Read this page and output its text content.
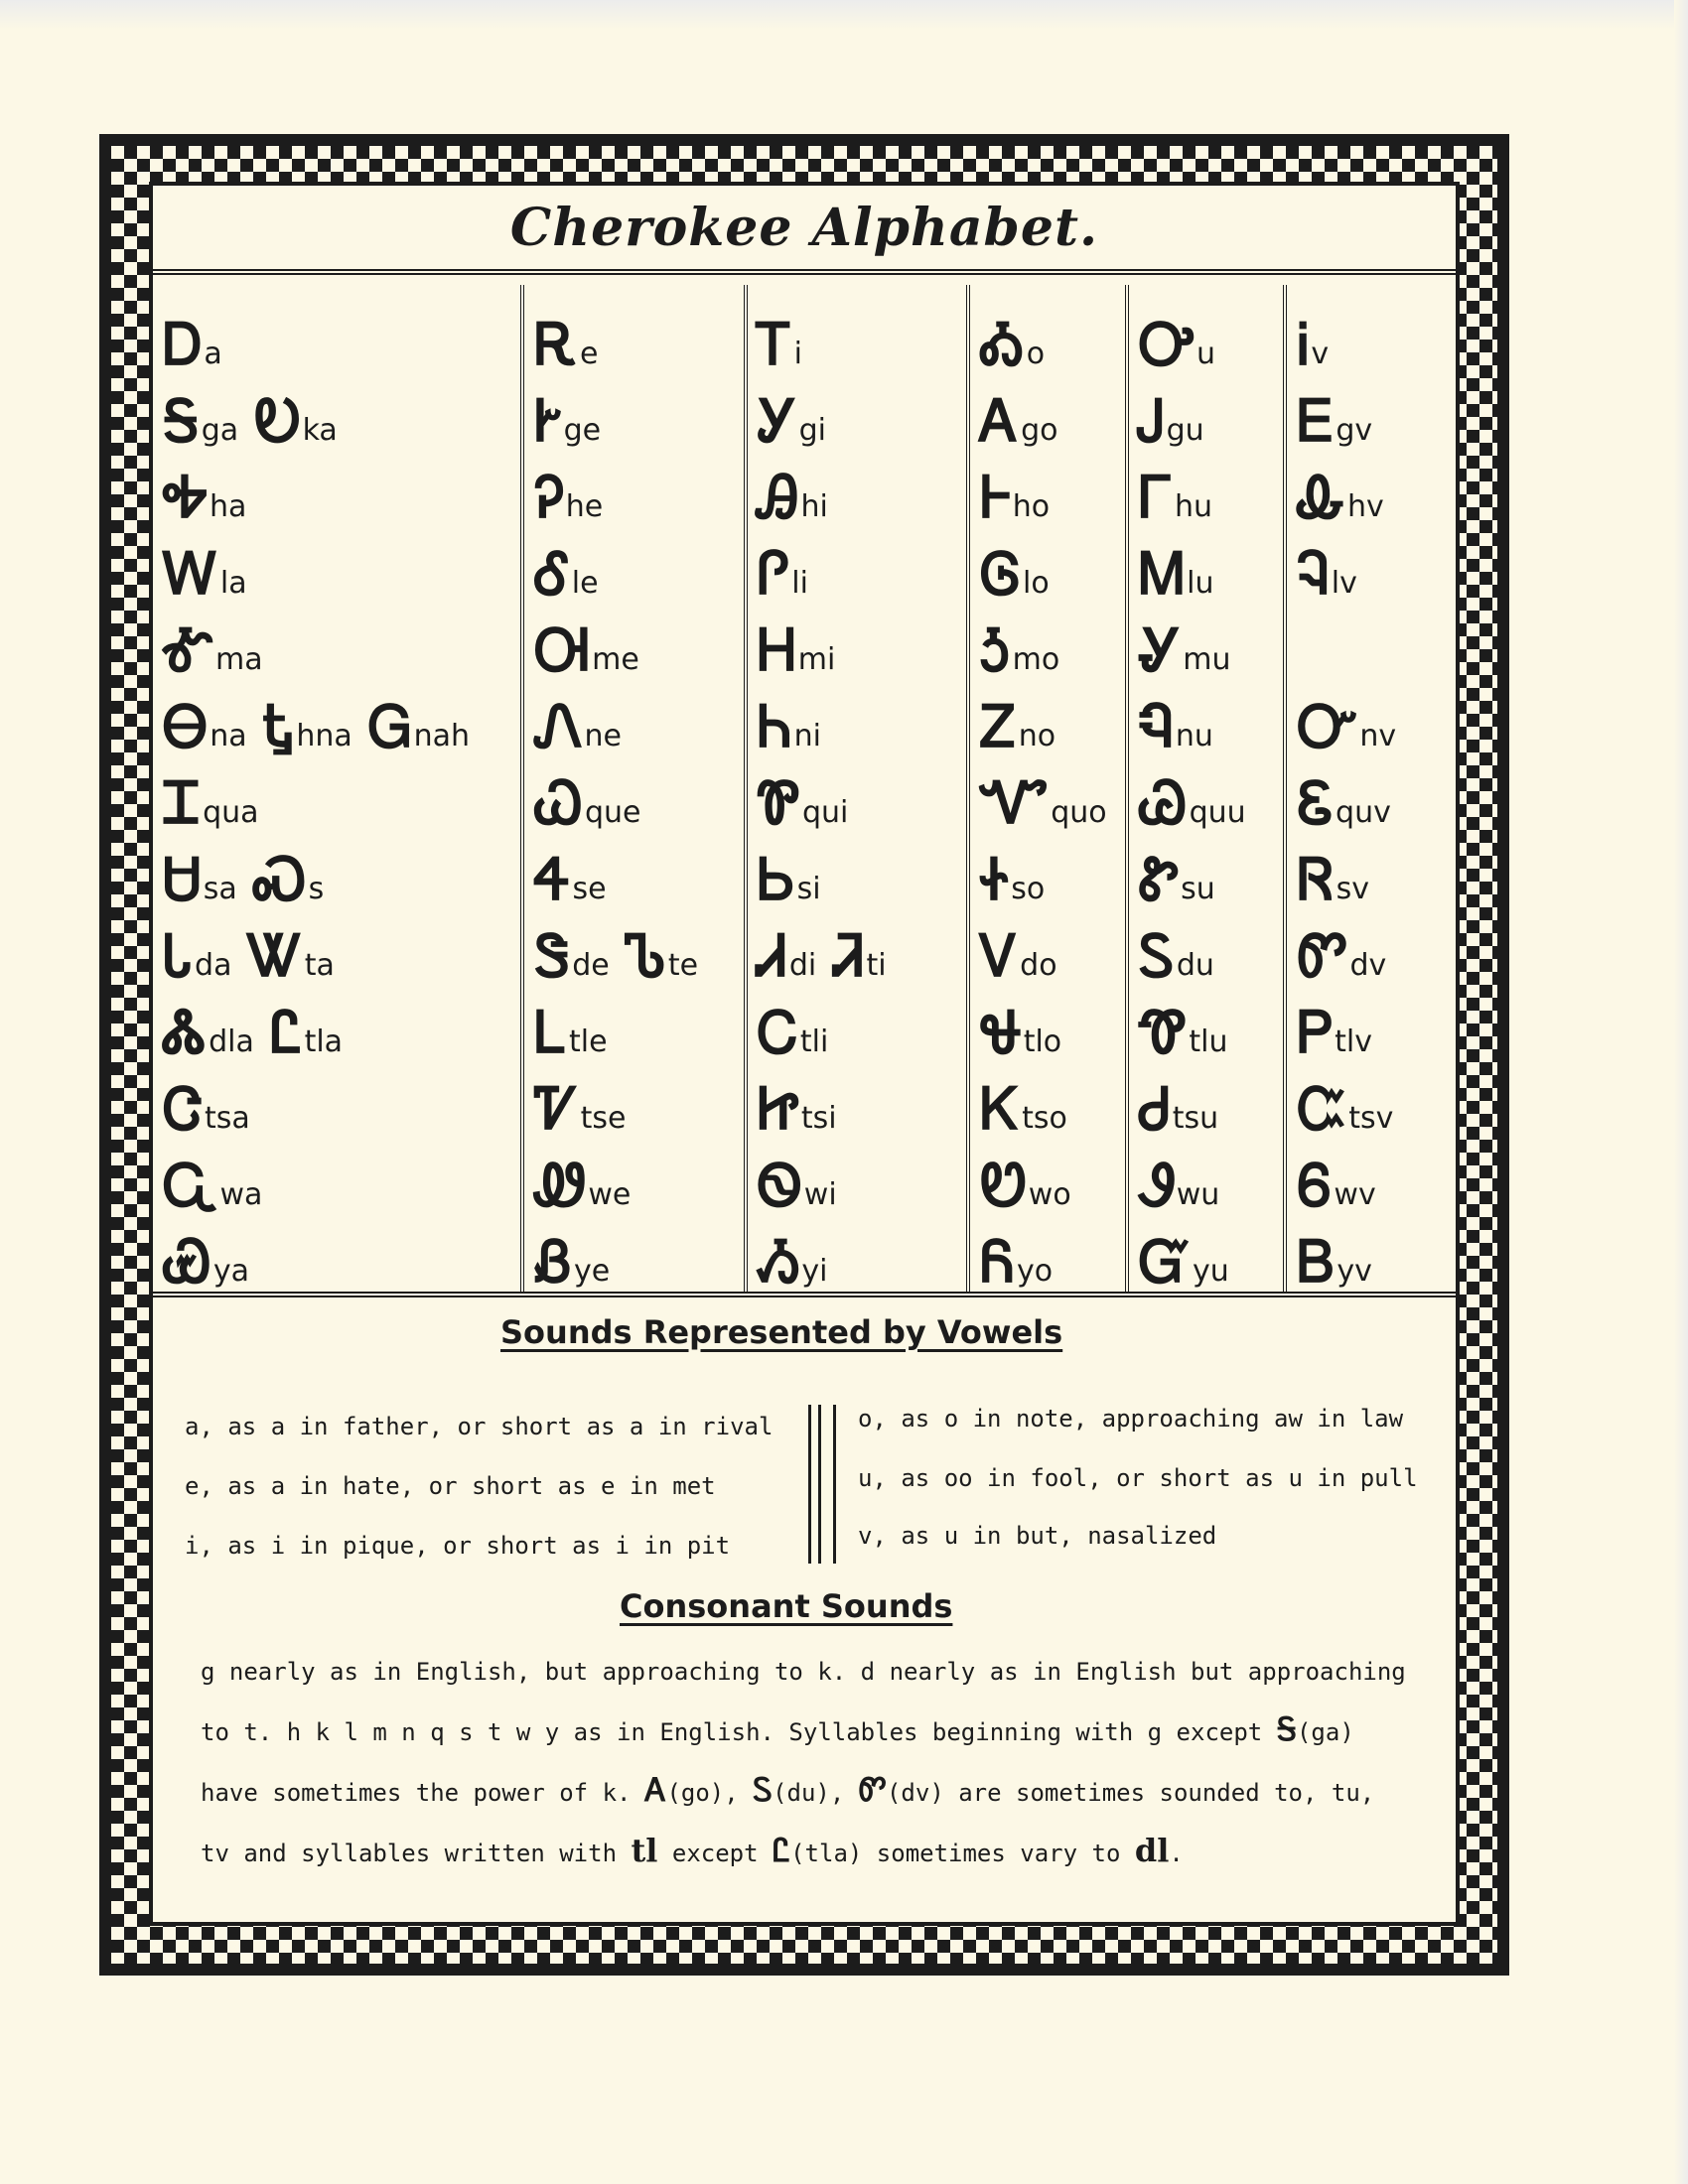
Cherokee Alphabet.
Ꭰ a
Ꭶ ga Ꭷ ka
Ꭽ ha
Ꮃ la
Ꮉ ma
Ꮎ na Ꮏ hna Ꮐ nah
Ꮖ qua
Ꮜ sa Ꮝ s
Ꮣ da Ꮤ ta
Ꮬ dla Ꮭ tla
Ꮳ tsa
Ꮹ wa
Ꮿ ya
Ꭱ e
Ꭸ ge
Ꭾ he
Ꮄ le
Ꮊ me
Ꮑ ne
Ꮗ que
Ꮞ se
Ꮥ de Ꮦ te
Ꮮ tle
Ꮴ tse
Ꮺ we
Ᏸ ye
Ꭲ i
Ꭹ gi
Ꭿ hi
Ꮅ li
Ꮋ mi
Ꮒ ni
Ꮘ qui
Ꮟ si
Ꮧ di Ꮨ ti
Ꮯ tli
Ꮵ tsi
Ꮻ wi
Ᏹ yi
Ꭳ o
Ꭺ go
Ꮀ ho
Ꮆ lo
Ꮌ mo
Ꮓ no
Ꮙ quo
Ꮠ so
Ꮩ do
Ꮰ tlo
Ꮶ tso
Ꮼ wo
Ᏺ yo
Ꭴ u
Ꭻ gu
Ꮁ hu
Ꮇ lu
Ꮍ mu
Ꮔ nu
Ꮚ quu
Ꮡ su
Ꮪ du
Ꮱ tlu
Ꮷ tsu
Ꮽ wu
Ᏻ yu
Ꭵ v
Ꭼ gv
Ꮂ hv
Ꮈ lv
Ꮕ nv
Ꮛ quv
Ꮢ sv
Ꮫ dv
Ꮲ tlv
Ꮸ tsv
Ꮾ wv
Ᏼ yv
Sounds Represented by Vowels
a, as a in father, or short as a in rival
e, as a in hate, or short as e in met
i, as i in pique, or short as i in pit
o, as o in note, approaching aw in law
u, as oo in fool, or short as u in pull
v, as u in but, nasalized
Consonant Sounds
g nearly as in English, but approaching to k. d nearly as in English but approaching
to t. h k l m n q s t w y as in English. Syllables beginning with g except Ꭶ(ga)
have sometimes the power of k. Ꭺ(go), Ꮪ(du), Ꮫ(dv) are sometimes sounded to, tu,
tv and syllables written with tl except Ꮭ(tla) sometimes vary to dl.
